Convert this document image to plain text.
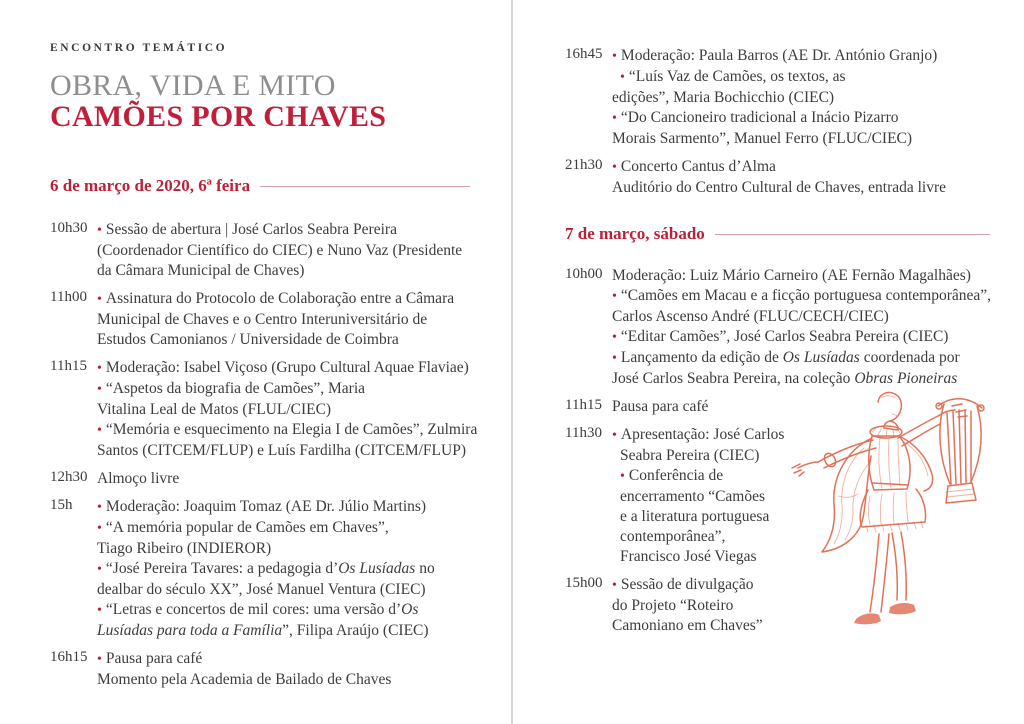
ENCONTRO TEMÁTICO
OBRA, VIDA E MITO
CAMÕES POR CHAVES
6 de março de 2020, 6ª feira
10h30 • Sessão de abertura | José Carlos Seabra Pereira
(Coordenador Científico do CIEC) e Nuno Vaz (Presidente
da Câmara Municipal de Chaves)
11h00 • Assinatura do Protocolo de Colaboração entre a Câmara
Municipal de Chaves e o Centro Interuniversitário de
Estudos Camonianos / Universidade de Coimbra
11h15 • Moderação: Isabel Viçoso (Grupo Cultural Aquae Flaviae)
• “Aspetos da biografia de Camões”, Maria
Vitalina Leal de Matos (FLUL/CIEC)
• “Memória e esquecimento na Elegia I de Camões”, Zulmira
Santos (CITCEM/FLUP) e Luís Fardilha (CITCEM/FLUP)
12h30 Almoço livre
15h	• Moderação: Joaquim Tomaz (AE Dr. Júlio Martins)
• “A memória popular de Camões em Chaves”,
Tiago Ribeiro (INDIEROR)
• “José Pereira Tavares: a pedagogia d’Os Lusíadas no
dealbar do século XX”, José Manuel Ventura (CIEC)
• “Letras e concertos de mil cores: uma versão d’Os
Lusíadas para toda a Família”, Filipa Araújo (CIEC)
16h15 • Pausa para café
Momento pela Academia de Bailado de Chaves
16h45 • Moderação: Paula Barros (AE Dr. António Granjo)
• “Luís Vaz de Camões, os textos, as
edições”, Maria Bochicchio (CIEC)
• “Do Cancioneiro tradicional a Inácio Pizarro
Morais Sarmento”, Manuel Ferro (FLUC/CIEC)
21h30 • Concerto Cantus d’Alma
Auditório do Centro Cultural de Chaves, entrada livre
7 de março, sábado
10h00 Moderação: Luiz Mário Carneiro (AE Fernão Magalhães)
• “Camões em Macau e a ficção portuguesa contemporânea”,
Carlos Ascenso André (FLUC/CECH/CIEC)
• “Editar Camões”, José Carlos Seabra Pereira (CIEC)
• Lançamento da edição de Os Lusíadas coordenada por
José Carlos Seabra Pereira, na coleção Obras Pioneiras
11h15 Pausa para café
11h30 • Apresentação: José Carlos
Seabra Pereira (CIEC)
• Conferência de
encerramento “Camões
e a literatura portuguesa
contemporânea”,
Francisco José Viegas
15h00 • Sessão de divulgação
do Projeto “Roteiro
Camoniano em Chaves”
